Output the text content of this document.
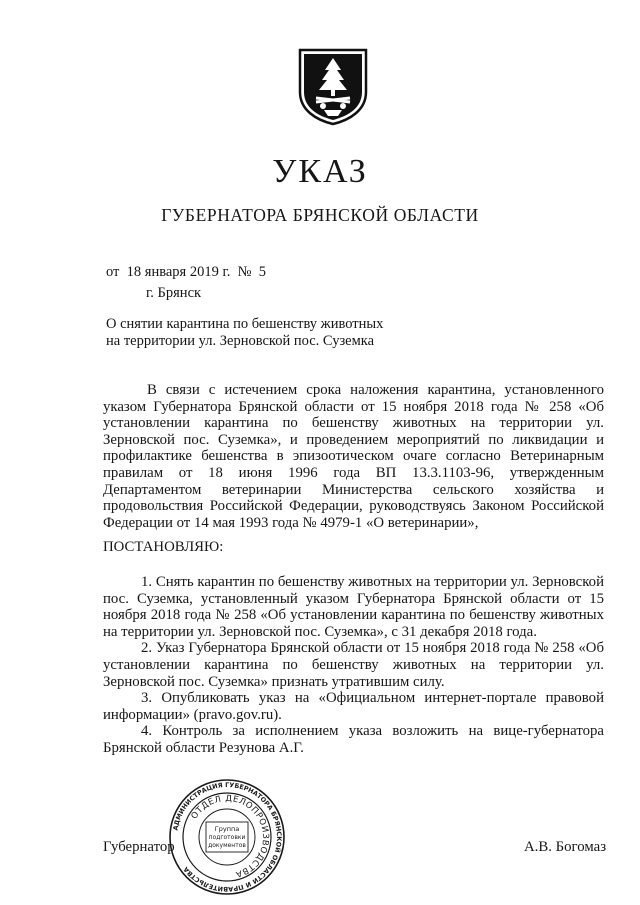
УКАЗ
ГУБЕРНАТОРА БРЯНСКОЙ ОБЛАСТИ
от  18 января 2019 г.  №  5
г. Брянск
О снятии карантина по бешенству животных
на территории ул. Зерновской пос. Суземка

В связи с истечением срока наложения карантина, установленного указом Губернатора Брянской области от 15 ноября 2018 года № 258 «Об установлении карантина по бешенству животных на территории ул. Зерновской пос. Суземка», и проведением мероприятий по ликвидации и профилактике бешенства в эпизоотическом очаге согласно Ветеринарным правилам от 18 июня 1996 года ВП 13.3.1103-96, утвержденным Департаментом ветеринарии Министерства сельского хозяйства и продовольствия Российской Федерации, руководствуясь Законом Российской Федерации от 14 мая 1993 года № 4979-1 «О ветеринарии»,

ПОСТАНОВЛЯЮ:

1. Снять карантин по бешенству животных на территории ул. Зерновской пос. Суземка, установленный указом Губернатора Брянской области от 15 ноября 2018 года № 258 «Об установлении карантина по бешенству животных на территории ул. Зерновской пос. Суземка», с 31 декабря 2018 года.

2. Указ Губернатора Брянской области от 15 ноября 2018 года № 258 «Об установлении карантина по бешенству животных на территории ул. Зерновской пос. Суземка» признать утратившим силу.

3. Опубликовать указ на «Официальном интернет-портале правовой информации» (pravo.gov.ru).

4. Контроль за исполнением указа возложить на вице-губернатора Брянской области Резунова А.Г.

Губернатор	А.В. Богомаз
АДМИНИСТРАЦИЯ ГУБЕРНАТОРА БРЯНСКОЙ ОБЛАСТИ И ПРАВИТЕЛЬСТВА
ОТДЕЛ ДЕЛОПРОИЗВОДСТВА
Группа
подготовки
документов
